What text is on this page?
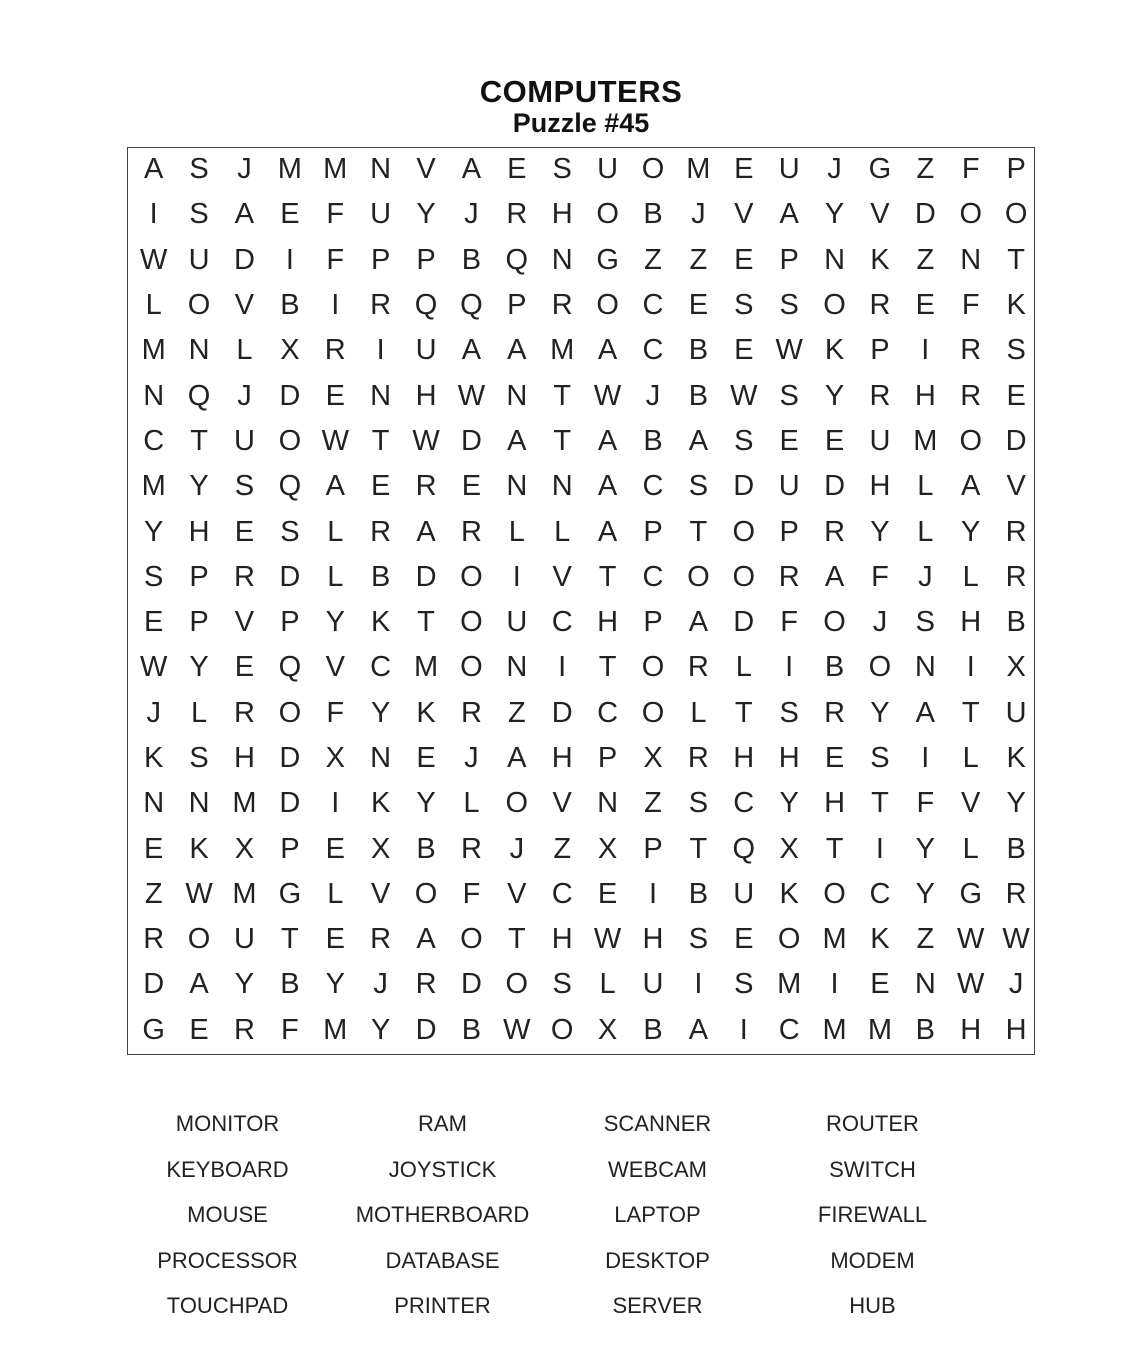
COMPUTERS
Puzzle #45
A S J M M N V A E S U O M E U J G Z F P
I	S A E F U Y J R H O B J V A Y V D O O
W U D	I	F P P B Q N G Z Z E P N K Z N T
L O V B	I	R Q Q P R O C E S S O R E F K
M N L X R	I	U A A M A C B E W K P	I	R S
N Q J D E N H W N T W J B W S Y R H R E
C T U O W T W D A T A B A S E E U M O D
M Y S Q A E R E N N A C S D U D H L A V
Y H E S L R A R L	L A P T O P R Y L Y R
S P R D L B D O	I	V T C O O R A F	J	L R
E P V P Y K T O U C H P A D F O J S H B
W Y E Q V C M O N	I	T O R L	I	B O N	I	X
J	L R O F Y K R Z D C O L T S R Y A T U
K S H D X N E J A H P X R H H E S	I	L K
N N M D	I	K Y L O V N Z S C Y H T F V Y
E K X P E X B R J	Z X P T Q X T	I	Y L B
Z W M G L V O F V C E	I	B U K O C Y G R
R O U T E R A O T H W H S E O M K Z W W
D A Y B Y J R D O S L U	I	S M	I	E N W J
G E R F M Y D B W O X B A	I	C M M B H H
MONITOR	RAM	SCANNER	ROUTER
KEYBOARD	JOYSTICK	WEBCAM	SWITCH
MOUSE	MOTHERBOARD	LAPTOP	FIREWALL
PROCESSOR	DATABASE	DESKTOP	MODEM
TOUCHPAD	PRINTER	SERVER	HUB
